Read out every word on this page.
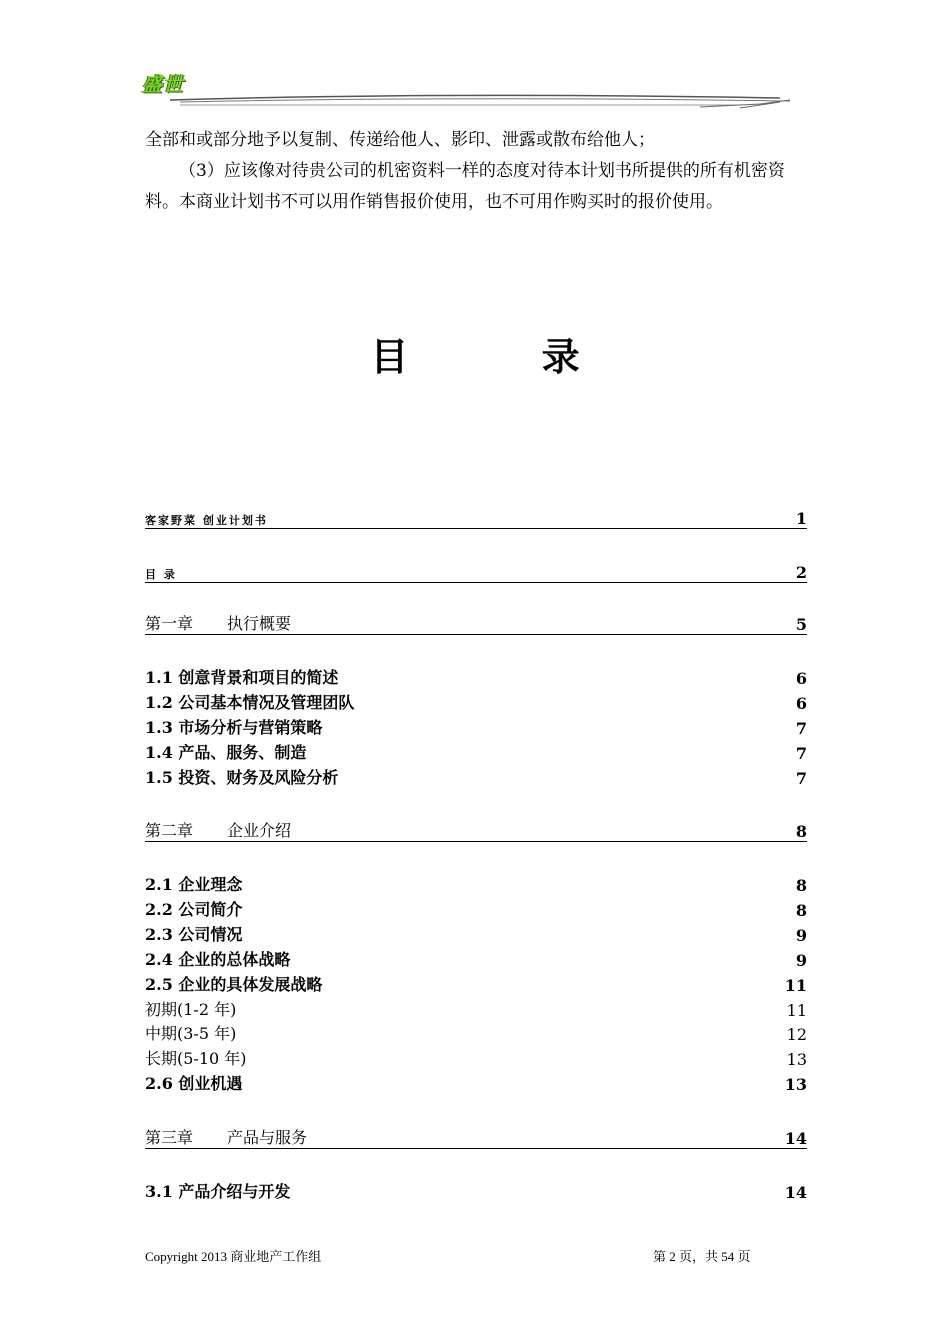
盛世

全部和或部分地予以复制、传递给他人、影印、泄露或散布给他人；

（3）应该像对待贵公司的机密资料一样的态度对待本计划书所提供的所有机密资料。本商业计划书不可以用作销售报价使用，也不可用作购买时的报价使用。

目 录
客家野菜 创业计划书	1
目 录	2
第一章 执行概要	5
1.1 创意背景和项目的简述	6
1.2 公司基本情况及管理团队	6
1.3 市场分析与营销策略	7
1.4 产品、服务、制造	7
1.5 投资、财务及风险分析	7
第二章 企业介绍	8
2.1 企业理念	8
2.2 公司简介	8
2.3 公司情况	9
2.4 企业的总体战略	9
2.5 企业的具体发展战略	11
初期(1-2 年)	11
中期(3-5 年)	12
长期(5-10 年)	13
2.6 创业机遇	13
第三章 产品与服务	14
3.1 产品介绍与开发	14
Copyright 2013 商业地产工作组	第 2 页，共 54 页
